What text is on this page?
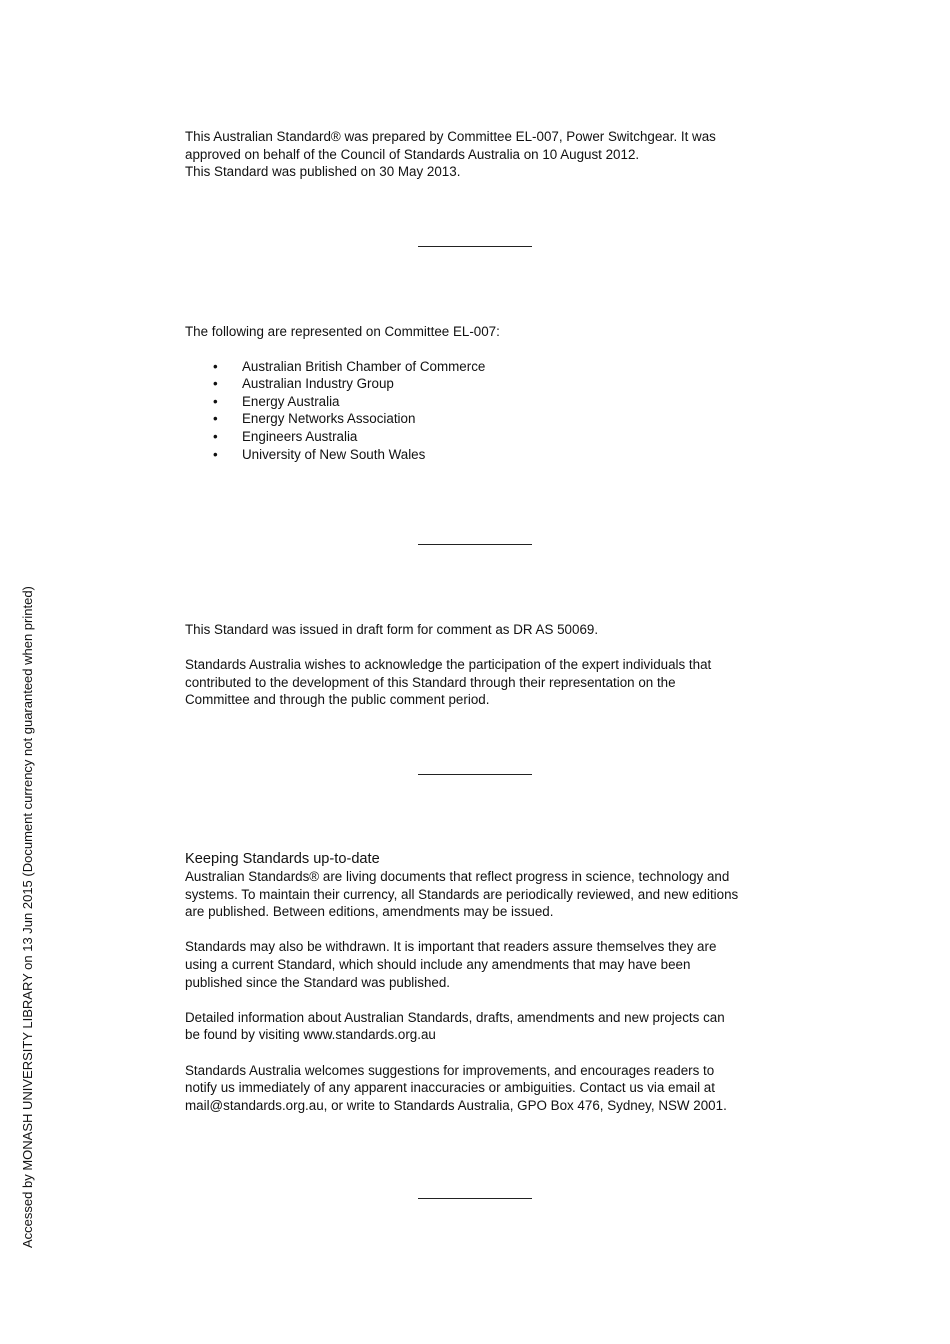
This Australian Standard® was prepared by Committee EL-007, Power Switchgear. It was

approved on behalf of the Council of Standards Australia on 10 August 2012.

This Standard was published on 30 May 2013.

The following are represented on Committee EL-007:

• Australian British Chamber of Commerce
• Australian Industry Group
• Energy Australia
• Energy Networks Association
• Engineers Australia
• University of New South Wales

This Standard was issued in draft form for comment as DR AS 50069.

Standards Australia wishes to acknowledge the participation of the expert individuals that

contributed to the development of this Standard through their representation on the

Committee and through the public comment period.

Keeping Standards up-to-date

Australian Standards® are living documents that reflect progress in science, technology and

systems. To maintain their currency, all Standards are periodically reviewed, and new editions

are published. Between editions, amendments may be issued.

Standards may also be withdrawn. It is important that readers assure themselves they are

using a current Standard, which should include any amendments that may have been

published since the Standard was published.

Detailed information about Australian Standards, drafts, amendments and new projects can

be found by visiting www.standards.org.au

Standards Australia welcomes suggestions for improvements, and encourages readers to

notify us immediately of any apparent inaccuracies or ambiguities. Contact us via email at

mail@standards.org.au, or write to Standards Australia, GPO Box 476, Sydney, NSW 2001.

Accessed by MONASH UNIVERSITY LIBRARY on 13 Jun 2015 (Document currency not guaranteed when printed)
